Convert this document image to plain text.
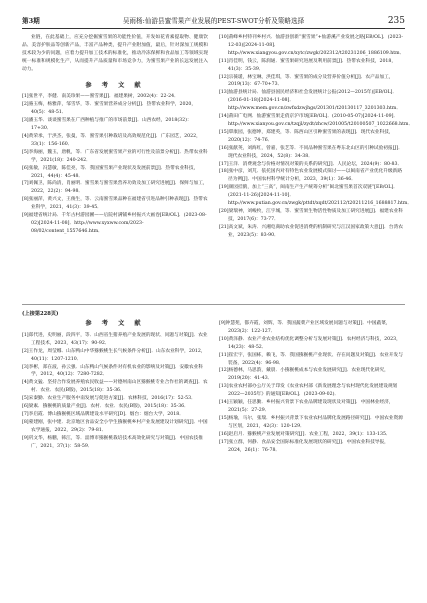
第3期	吴雨杨:仙游县蜜雪果产业发展的PEST-SWOT分析及策略选择	235

业链，在此基础上，应充分挖掘蜜雪果的功能性价值，开发如花青素提取物、健康饮品、美容护肤品等创新产品，丰富产品种类，提升产业附加值，最后，针对深加工规模和技术较为少的问题，应着力提升加工技术的标准化，推动冷冻保鲜和食品加工等领域实现统一标准和规模化生产，从而提升产品质量和市场竞争力，为蜜雪果产业的长远发展注入动力。

参 考 文 献
[1]张世平，李健．南美珍果——蜜雪果[J]．福建果树，2002(4)：22-24．
[2]骆玉梅，杨雅萍，邹雪华，等．蜜雪果营养成分分析[J]．热带农业科学，2020，40(5)：48-51．
[3]潘玉华．谈谈蜜雪果在广西种植与推广的市场前景[J]．山西农经，2018(32)：17+30．
[4]黄荣承，于洪杰，张曼，等．蜜雪果引种栽培及高效规范化[J]．广东园艺，2022，33(1)：156-160．
[5]李海丽，魏玉，唐帆，等．广东省发展蜜雪果产业的可行性及前景分析[J]．热带农业科学，2021(18)：240-242．
[6]张敏，冯慧敏，陈佳亮，等．我国蜜雪果产业现状及发展前景[J]．热带农业科技，2021，44(4)：45-48．
[7]刘佩卫，陈尚清，肖丽明．蜜雪果与蜜雪果营养功效及加工研究进展[J]．保鲜与加工，2022，22(2)：94-98．
[8]张丽萍，黄兴文，王俊生，等．云南蜜雪果品种在福建省引进品种引种表现[J]．热带农业科学，2021，41(3)：39-45．
[9]福建省统计局．千年古村游园圃——后院村满铺乡村振兴大画卷[EB/OL]．(2023-08-02)[2024-11-08]．http://www.xyxww.com/2023-08/02/content_1557646.htm．
[10]莆峰乡村特刊乡村兴．仙游县创新“蜜雪果”+仙游溪产业发展之路[EB/OL]．(2023-12-03)[2024-11-08]．http://www.xiangyou.gov.cn/xytc/zwgk/202312/t20231206_1886109.htm．
[11]肖佳明，钱云，陈润通．蜜雪果研究进展及利用前景[J]．热带农业科技，2018，41(3)：35-39．
[12]宗葆瑗，林宝琳，洪佳琪，等．蜜雪果的成分及营养价值分析[J]．农产品加工，2019(13)：67-70+73．
[13]仙游县统计局．仙游县国民经济和社会发展统计公报(2012—2015年)[EB/OL]．(2016-01-18)[2024-11-08]．http://www.mem.gov.cn/zwfxdzwjhgs/201301/t20130117_3201303.htm．
[14]莆田广电网．仙游蜜雪果走俏京沪市场[EB/OL]．(2010-05-07)[2024-11-09]．http://www.xianyou.gov.cn/tzqjl/zydt/zhcw/201005/t20100507_1022668.htm．
[15]覃康园，张德坤，郑建英，等．陈西山区引种蜜雪果的表现[J]．现代农业科技，2020(12)：74-76．
[16]张献英，刘海红，曾嘉，张艺等．不同品种蜜雪果在粤东北山区的引种试验初报[J]．现代农业科技，2024，52(8)：34-38．
[17]王洋．消费观念与价格对情况对策的关系的研究[J]．人民论坛，2024(9)：80-83．
[18]张中彦，刘芃．依托国内对有特色农业发展模式探讨——以闽南省产业优化升级新路径为例[J]．中国农村科学统计分析，2023，39(1)：36-46．
[19]颜园挂鹤，加上“三高”，闽南生产生产统筹分析“闽北蜜雪果首次双链”[EB/OL]．(2021-11-26)[2024-11-10]．http://www.putian.gov.cn/zwgk/pttdt/xqdt/202112/t20211216_1688817.htm．
[20]梁瑞神，刘峻枚，江宇城，等．蜜雪果生物活性物质及加工研究进展[J]．福建农业科技，2017(6)：73-77．
[21]高文斌，朱涛．兴湘电商助农业促进消费的机制研究与江汉国家政策大意[J]．台湾农业，2023(5)：83-90．
(上接第228页)
参 考 文 献
[1]郑代进，史明丽，段四平，等．山西省生猪养殖产业发展的现状、问题与对策[J]．农业工程技术，2023，43(17)：90-92．
[2]王作龙，周莹娜．山东鸭山中华猕猴桃生长气候条件分析[J]．山东农业科学，2012，40(11)：1207-1210．
[3]李彬，郑在波，孙云强．山东鸭山气候条件对有机农业的影响及对策[J]．安徽农业科学，2012，40(12)：7280-7282．
[4]黄文猛．坚持合作发展养殖农民收益——对德州南山区猕猴桃专业合作社的调查[J]．农村．农业．农民(B版)，2015(18)：35-36．
[5]宋秦勤．农业生产服务中南发展与促进方案[J]．农林科技，2016(17)：52-53．
[6]梁素．猕猴桃的质量产业[J]．农村．农业．农民(B版)，2015(18)：35-36．
[7]李启霞．博山猕猴桃区域品牌建设水平研究[D]．烟台：烟台大学，2018．
[8]蒙建刚，张中建．北京地区食品安全小学生猕猴桃乡村产业发展建设计划研究[J]．中国农学通报，2022，29(2)：79-81．
[9]巩文华，杨鹏，韩江，等．淄博市猕猴桃栽培技术高效化研究与对策[J]．中国农技推广，2021，37(1)：58-59．
[9]钟慧苑，都卉霞，刘辉，等．我国蔬菜产业区域发展问题与对策[J]．中国蔬菜，2023(2)：122-127．
[10]黄泽静．农业产业农业结构优化调整分析与发展对策[J]．农村经济与科技，2023，14(23)：48-52．
[11]崔宏宇，张国栋，赖飞，等．我国猕猴桃产业现状、存在问题及对策[J]．农业开发与装备，2022(4)：96-98．
[12]杨德林，马思韵，戴晨．小猕猴桃成本与农业发展研究[J]．农业现代化研究，2019(20)：41-43．
[13]农业农村部办公厅关于印发《农业农村部《新发展理念与农村现代化发展建设规划2022—2035年》的通知[EB/OL]．(2023-09-02)．
[14]王颖颖，任思勤．乡村振兴背景下农业品牌建设现状及对策[J]．中国林业经济，2021(5)：27-29．
[15]杨瑜，马尔，张瑞．乡村振兴背景下农业农村品牌化发展路径研究[J]．中国农业资源与区划，2021，42(3)：120-129．
[16]赵启月．猕猴桃产业发展对策研究[J]．农业工程，2022，39(1)：133-135．
[17]张立群，何静．食品安全国际标准化发展现状的研究[J]．中国农业科技导报，2024，26(1)：76-78．
